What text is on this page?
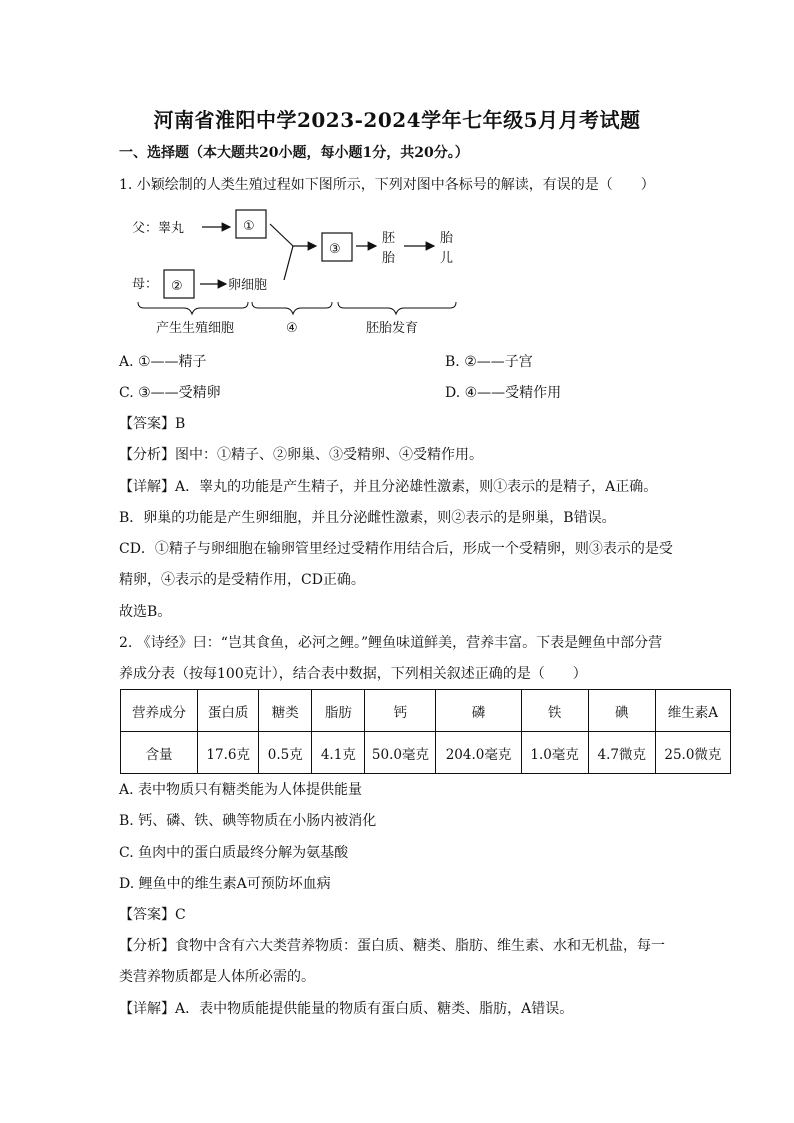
河南省淮阳中学2023-2024学年七年级5月月考试题
一、选择题（本大题共20小题，每小题1分，共20分。）
1. 小颖绘制的人类生殖过程如下图所示，下列对图中各标号的解读，有误的是（　　）
父：睾丸	①
母： ②	卵细胞
③
胚
胎
胎
儿
产生生殖细胞	④	胚胎发育
A. ①——精子	B. ②——子宫
C. ③——受精卵	D. ④——受精作用
【答案】B
【分析】图中：①精子、②卵巢、③受精卵、④受精作用。
【详解】A．睾丸的功能是产生精子，并且分泌雄性激素，则①表示的是精子，A正确。
B．卵巢的功能是产生卵细胞，并且分泌雌性激素，则②表示的是卵巢，B错误。
CD．①精子与卵细胞在输卵管里经过受精作用结合后，形成一个受精卵，则③表示的是受
精卵，④表示的是受精作用，CD正确。
故选B。
2. 《诗经》曰：“岂其食鱼，必河之鲤。”鲤鱼味道鲜美，营养丰富。下表是鲤鱼中部分营
养成分表（按每100克计），结合表中数据，下列相关叙述正确的是（　　）
营养成分	蛋白质	糖类	脂肪	钙	磷	铁	碘	维生素A
含量	17.6克	0.5克	4.1克	50.0毫克	204.0毫克	1.0毫克	4.7微克	25.0微克
A. 表中物质只有糖类能为人体提供能量
B. 钙、磷、铁、碘等物质在小肠内被消化
C. 鱼肉中的蛋白质最终分解为氨基酸
D. 鲤鱼中的维生素A可预防坏血病
【答案】C
【分析】食物中含有六大类营养物质：蛋白质、糖类、脂肪、维生素、水和无机盐，每一
类营养物质都是人体所必需的。
【详解】A．表中物质能提供能量的物质有蛋白质、糖类、脂肪，A错误。
